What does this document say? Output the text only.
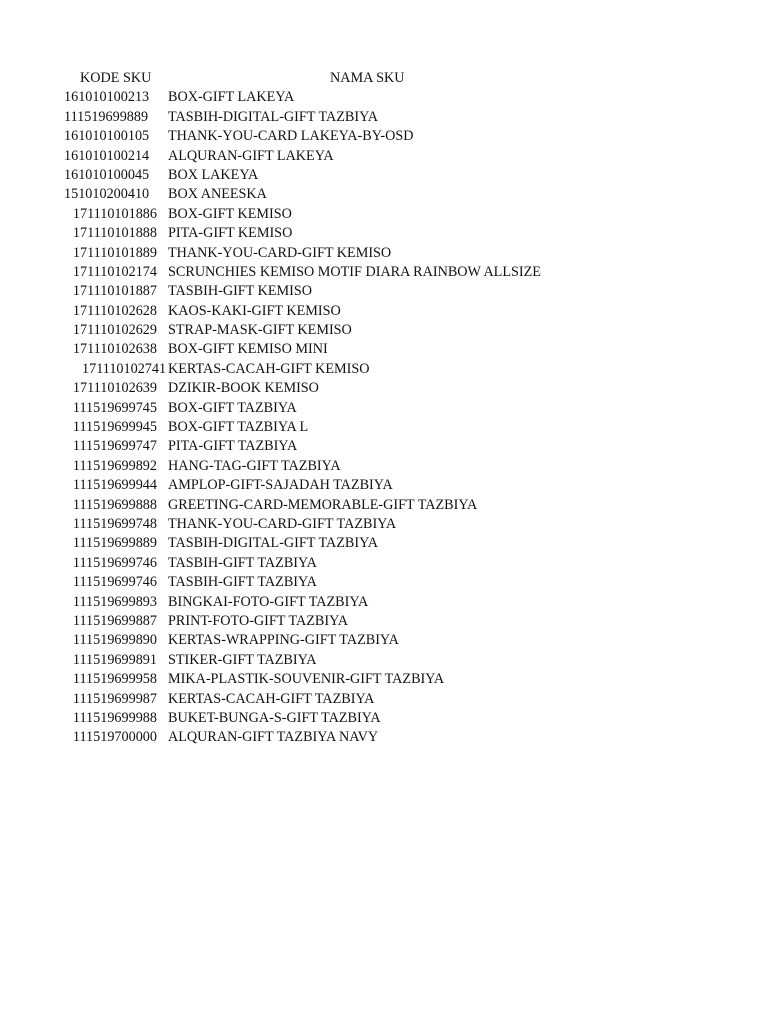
KODE SKU	NAMA SKU
161010100213 BOX-GIFT LAKEYA
111519699889 TASBIH-DIGITAL-GIFT TAZBIYA
161010100105 THANK-YOU-CARD LAKEYA-BY-OSD
161010100214 ALQURAN-GIFT LAKEYA
161010100045 BOX LAKEYA
151010200410 BOX ANEESKA
171110101886 BOX-GIFT KEMISO
171110101888 PITA-GIFT KEMISO
171110101889 THANK-YOU-CARD-GIFT KEMISO
171110102174 SCRUNCHIES KEMISO MOTIF DIARA RAINBOW ALLSIZE
171110101887 TASBIH-GIFT KEMISO
171110102628 KAOS-KAKI-GIFT KEMISO
171110102629 STRAP-MASK-GIFT KEMISO
171110102638 BOX-GIFT KEMISO MINI
171110102741 KERTAS-CACAH-GIFT KEMISO
171110102639 DZIKIR-BOOK KEMISO
111519699745 BOX-GIFT TAZBIYA
111519699945 BOX-GIFT TAZBIYA L
111519699747 PITA-GIFT TAZBIYA
111519699892 HANG-TAG-GIFT TAZBIYA
111519699944 AMPLOP-GIFT-SAJADAH TAZBIYA
111519699888 GREETING-CARD-MEMORABLE-GIFT TAZBIYA
111519699748 THANK-YOU-CARD-GIFT TAZBIYA
111519699889 TASBIH-DIGITAL-GIFT TAZBIYA
111519699746 TASBIH-GIFT TAZBIYA
111519699746 TASBIH-GIFT TAZBIYA
111519699893 BINGKAI-FOTO-GIFT TAZBIYA
111519699887 PRINT-FOTO-GIFT TAZBIYA
111519699890 KERTAS-WRAPPING-GIFT TAZBIYA
111519699891 STIKER-GIFT TAZBIYA
111519699958 MIKA-PLASTIK-SOUVENIR-GIFT TAZBIYA
111519699987 KERTAS-CACAH-GIFT TAZBIYA
111519699988 BUKET-BUNGA-S-GIFT TAZBIYA
111519700000 ALQURAN-GIFT TAZBIYA NAVY
